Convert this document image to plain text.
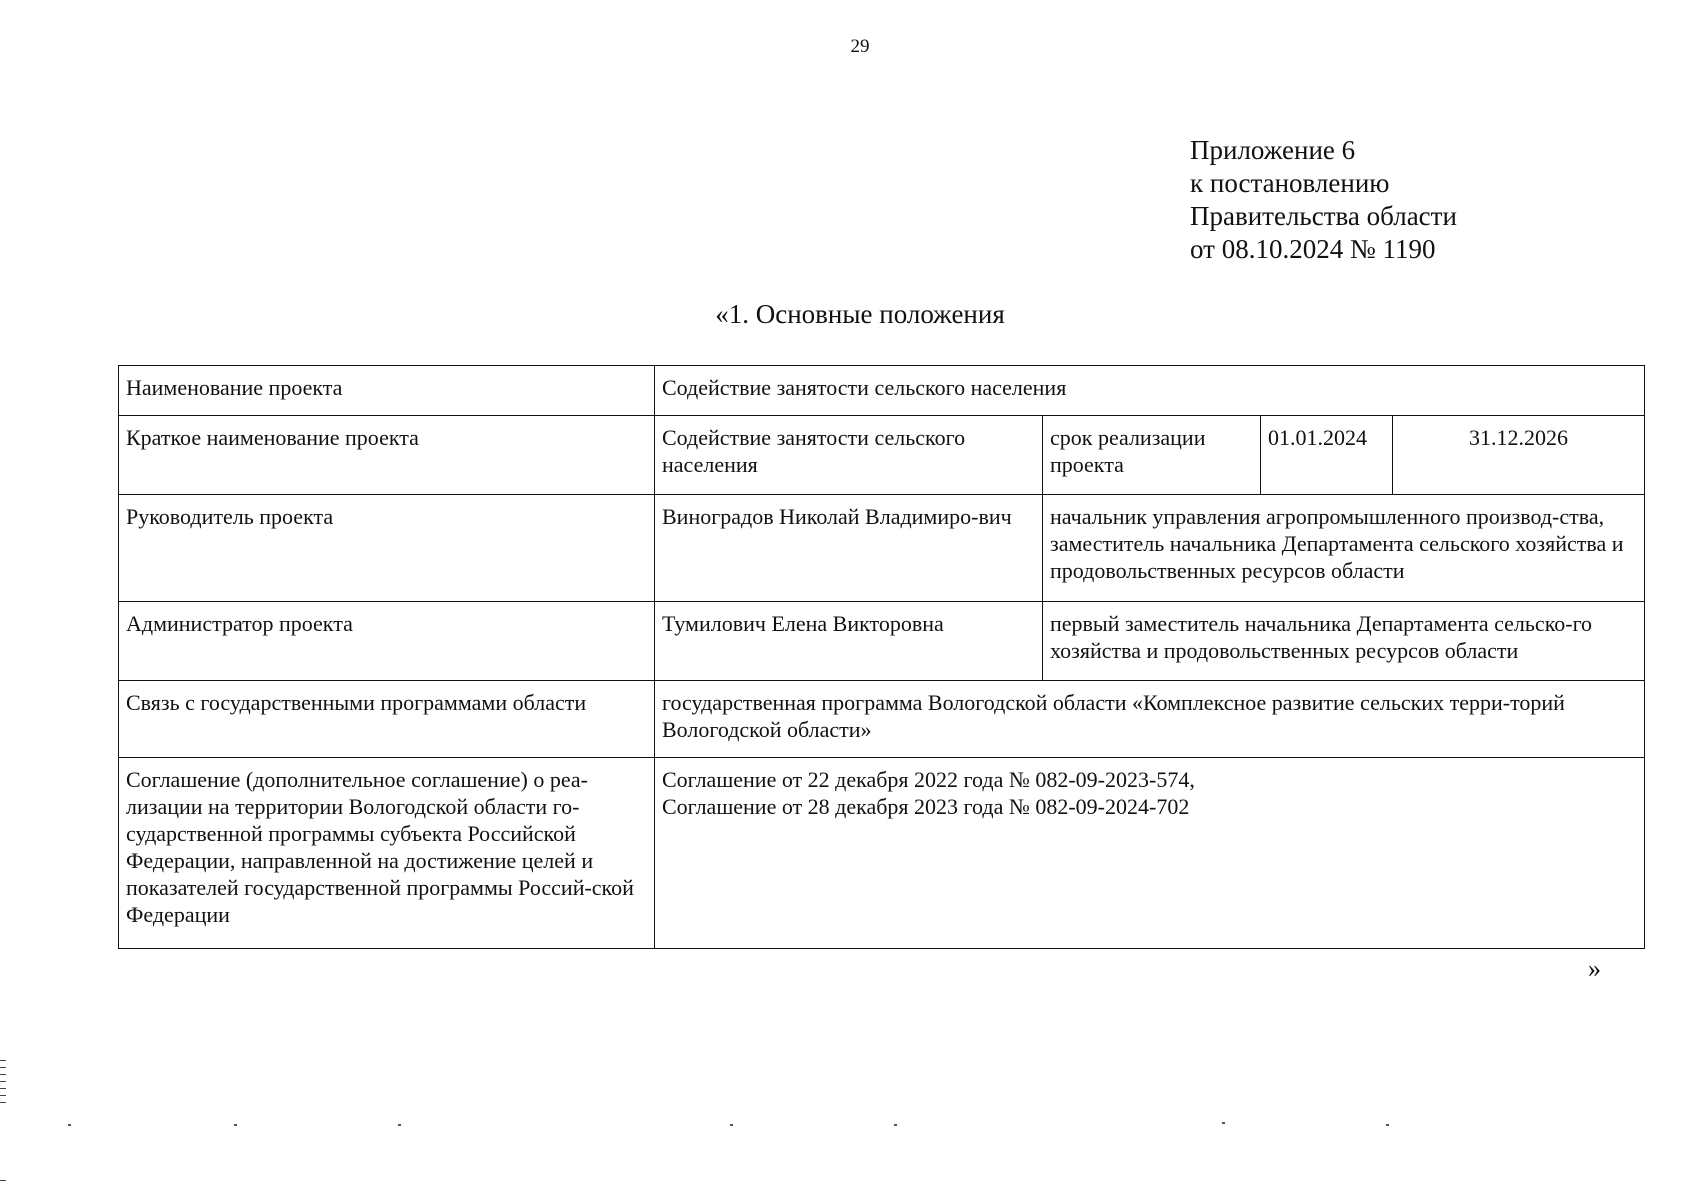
29
Приложение 6
к постановлению
Правительства области
от 08.10.2024 № 1190
«1. Основные положения
Наименование проекта	Содействие занятости сельского населения			
Краткое наименование проекта	Содействие занятости сельского населения	срок реализации проекта	01.01.2024	31.12.2026
Руководитель проекта	Виноградов Николай Владимиро-вич	начальник управления агропромышленного производ-ства, заместитель начальника Департамента сельского хозяйства и продовольственных ресурсов области		
Администратор проекта	Тумилович Елена Викторовна	первый заместитель начальника Департамента сельско-го хозяйства и продовольственных ресурсов области		
Связь с государственными программами области	государственная программа Вологодской области «Комплексное развитие сельских терри-торий Вологодской области»			
Соглашение (дополнительное соглашение) о реа-лизации на территории Вологодской области го-сударственной программы субъекта Российской Федерации, направленной на достижение целей и показателей государственной программы Россий-ской Федерации	Соглашение от 22 декабря 2022 года № 082-09-2023-574,
Соглашение от 28 декабря 2023 года № 082-09-2024-702			
»
